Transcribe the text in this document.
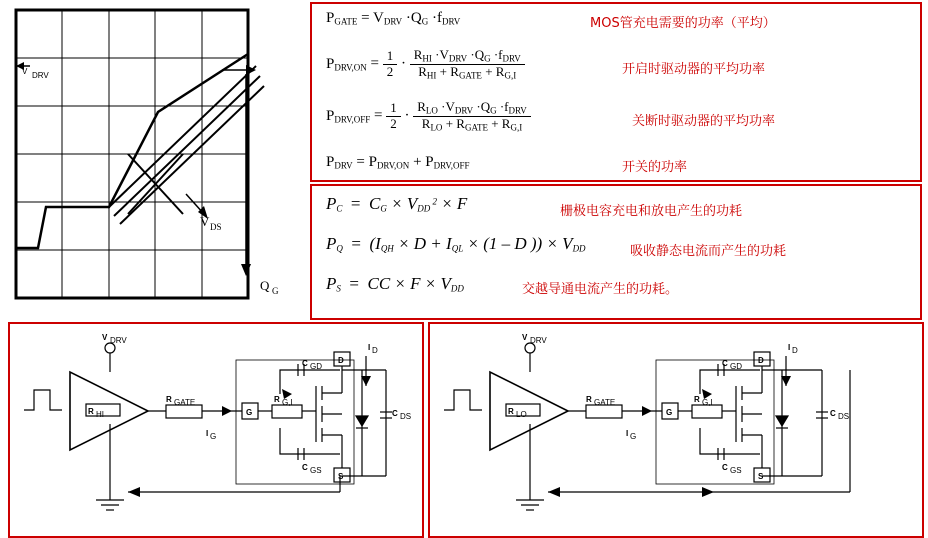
V DRV
V DS
Q G
$P_{GATE} = V_{DRV} \cdot Q_G \cdot f_{DRV}$	MOS管充电需要的功率（平均）
$P_{DRV,ON} = \frac{1}{2} \cdot \frac{R_{HI} \cdot V_{DRV} \cdot Q_G \cdot f_{DRV}}{R_{HI} + R_{GATE} + R_{G,I}}$	开启时驱动器的平均功率
$P_{DRV,OFF} = \frac{1}{2} \cdot \frac{R_{LO} \cdot V_{DRV} \cdot Q_G \cdot f_{DRV}}{R_{LO} + R_{GATE} + R_{G,I}}$	关断时驱动器的平均功率
$P_{DRV} = P_{DRV,ON} + P_{DRV,OFF}$	开关的功率
$P_C = C_G \times V_{DD}$ $^2$ × F	栅极电容充电和放电产生的功耗
$P_Q = (I_{QH} \times D + I_{QL} \times (1 - D$ )) × $V_{DD}$	吸收静态电流而产生的功耗
$P_S$  =  CC × $F \times V_{DD}$	交越导通电流产生的功耗。
V DRV
R HI
R GATE	R G,I
I G
I D
C GD
C GS
C DS
G
D
S
V DRV
R LO
R GATE	R G,I
I G
I D
C GD
C GS
C DS
G
D
S
